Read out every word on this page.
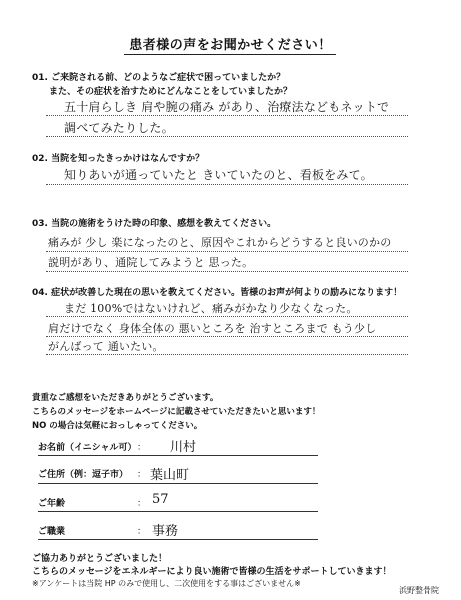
患者様の声をお聞かせください！
01. ご来院される前、どのようなご症状で困っていましたか？
また、その症状を治すためにどんなことをしていましたか？
五十肩らしき 肩や腕の痛み があり、治療法などもネットで
調べてみたりした。
02. 当院を知ったきっかけはなんですか？
知りあいが通っていたと きいていたのと、看板をみて。
03. 当院の施術をうけた時の印象、感想を教えてください。
痛みが 少し 楽になったのと、原因やこれからどうすると良いのかの
説明があり、通院してみようと 思った。
04. 症状が改善した現在の思いを教えてください。皆様のお声が何よりの励みになります！
まだ 100%ではないけれど、痛みがかなり少なくなった。
肩だけでなく 身体全体の 悪いところを 治すところまで もう少し
がんばって 通いたい。
貴重なご感想をいただきありがとうございます。
こちらのメッセージをホームページに記載させていただきたいと思います！
NO の場合は気軽におっしゃってください。
お名前（イニシャル可） ： 川村
ご住所（例：逗子市） ： 葉山町
ご年齢	： 57
ご職業	： 事務
ご協力ありがとうございました！
こちらのメッセージをエネルギーにより良い施術で皆様の生活をサポートしていきます！
※アンケートは当院 HP のみで使用し、二次使用をする事はございません※
浜野整骨院
